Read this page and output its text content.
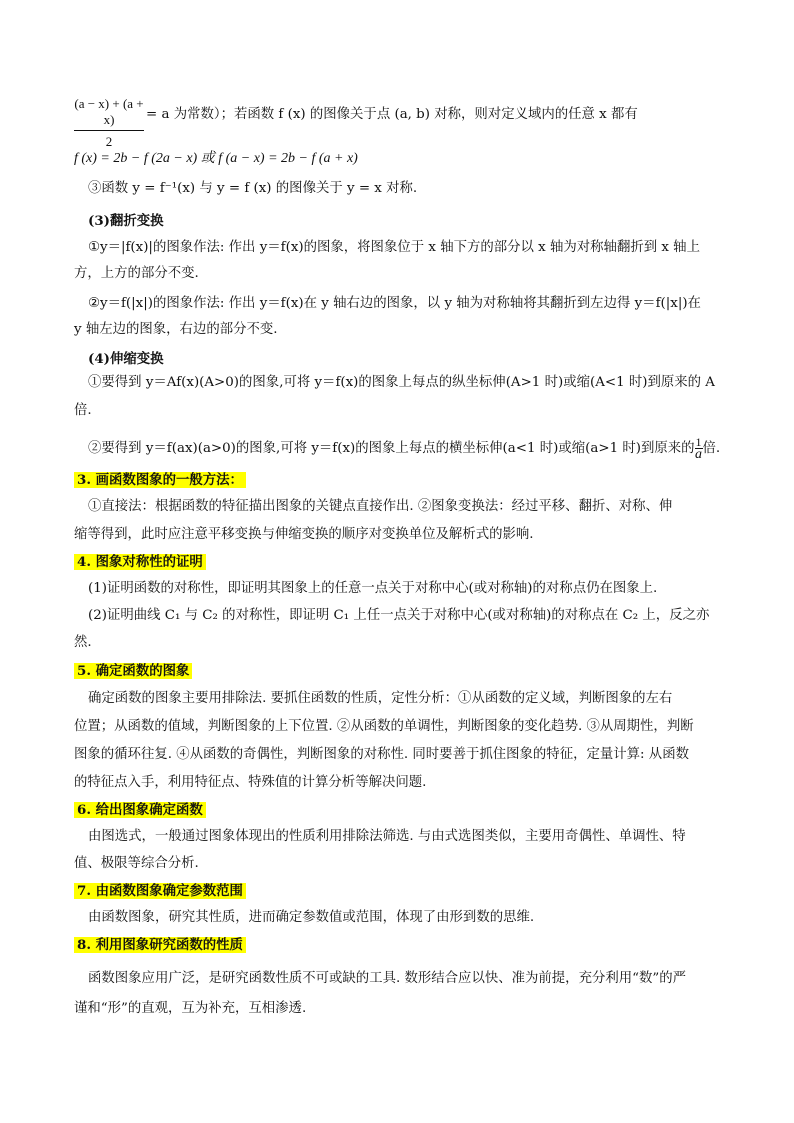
$\frac{(a - x) + (a + x)}{2} = a$ 为常数）；若函数 f (x) 的图像关于点 (a, b) 对称，则对定义域内的任意 x 都有
f (x) = 2b − f (2a − x) 或 f (a − x) = 2b − f (a + x)
③函数 y = f⁻¹(x) 与 y = f (x) 的图像关于 y = x 对称.
(3)翻折变换
①y＝|f(x)|的图象作法: 作出 y＝f(x)的图象，将图象位于 x 轴下方的部分以 x 轴为对称轴翻折到 x 轴上
方，上方的部分不变.
②y＝f(|x|)的图象作法: 作出 y＝f(x)在 y 轴右边的图象，以 y 轴为对称轴将其翻折到左边得 y＝f(|x|)在
y 轴左边的图象，右边的部分不变.
(4)伸缩变换
①要得到 y＝Af(x)(A>0)的图象,可将 y＝f(x)的图象上每点的纵坐标伸(A>1 时)或缩(A<1 时)到原来的 A
倍.
②要得到 y＝f(ax)(a>0)的图象,可将 y＝f(x)的图象上每点的横坐标伸(a<1 时)或缩(a>1 时)到原来的 $\frac{1}{a}$ 倍.
3. 画函数图象的一般方法：
①直接法：根据函数的特征描出图象的关键点直接作出. ②图象变换法：经过平移、翻折、对称、伸
缩等得到，此时应注意平移变换与伸缩变换的顺序对变换单位及解析式的影响.
4. 图象对称性的证明
(1)证明函数的对称性，即证明其图象上的任意一点关于对称中心(或对称轴)的对称点仍在图象上.
(2)证明曲线 C₁ 与 C₂ 的对称性，即证明 C₁ 上任一点关于对称中心(或对称轴)的对称点在 C₂ 上，反之亦
然.
5. 确定函数的图象
确定函数的图象主要用排除法. 要抓住函数的性质，定性分析：①从函数的定义域，判断图象的左右
位置；从函数的值域，判断图象的上下位置. ②从函数的单调性，判断图象的变化趋势. ③从周期性，判断
图象的循环往复. ④从函数的奇偶性，判断图象的对称性. 同时要善于抓住图象的特征，定量计算: 从函数
的特征点入手，利用特征点、特殊值的计算分析等解决问题.
6. 给出图象确定函数
由图选式，一般通过图象体现出的性质利用排除法筛选. 与由式选图类似，主要用奇偶性、单调性、特
值、极限等综合分析.
7. 由函数图象确定参数范围
由函数图象，研究其性质，进而确定参数值或范围，体现了由形到数的思维.
8. 利用图象研究函数的性质
函数图象应用广泛，是研究函数性质不可或缺的工具. 数形结合应以快、准为前提，充分利用“数”的严
谨和“形”的直观，互为补充，互相渗透.
